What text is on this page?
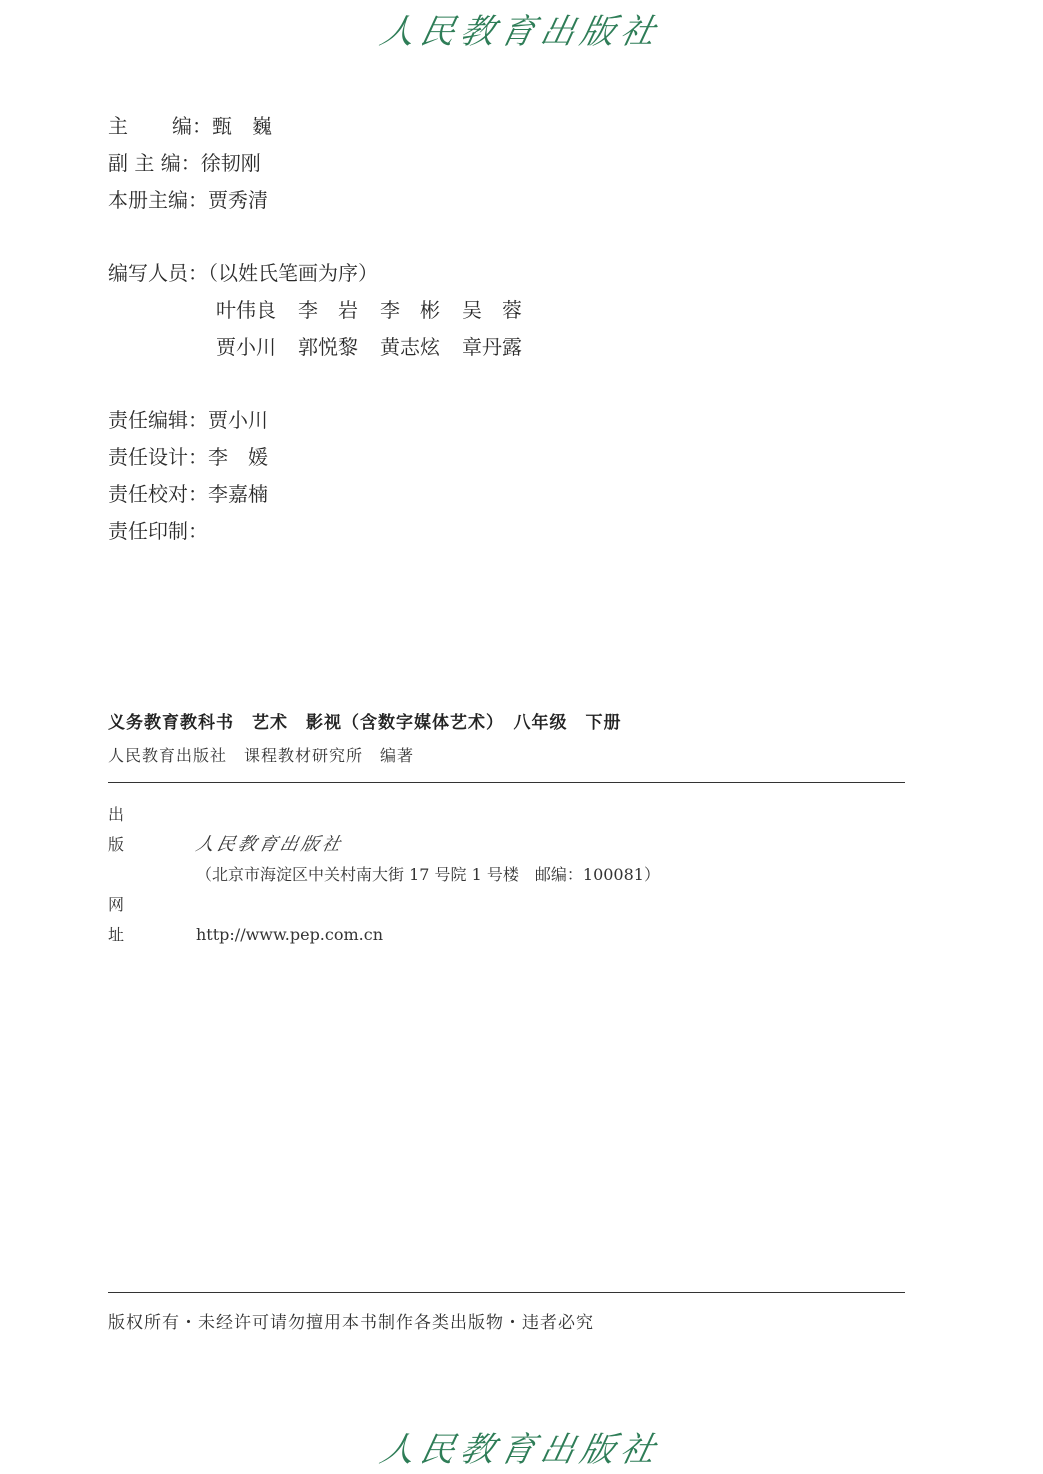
人民教育出版社
主 编： 甄　巍
副 主 编： 徐韧刚
本册主编： 贾秀清
编写人员：（以姓氏笔画为序）
叶伟良 李　岩 李　彬 吴　蓉
贾小川 郭悦黎 黄志炫 章丹露
责任编辑： 贾小川
责任设计： 李　媛
责任校对： 李嘉楠
责任印制：
义务教育教科书　艺术　影视（含数字媒体艺术）　八年级　下册
人民教育出版社　课程教材研究所　编著
出版 人民教育出版社
（北京市海淀区中关村南大街 17 号院 1 号楼　邮编：100081）
网址	http://www.pep.com.cn
版权所有・未经许可请勿擅用本书制作各类出版物・违者必究
人民教育出版社
